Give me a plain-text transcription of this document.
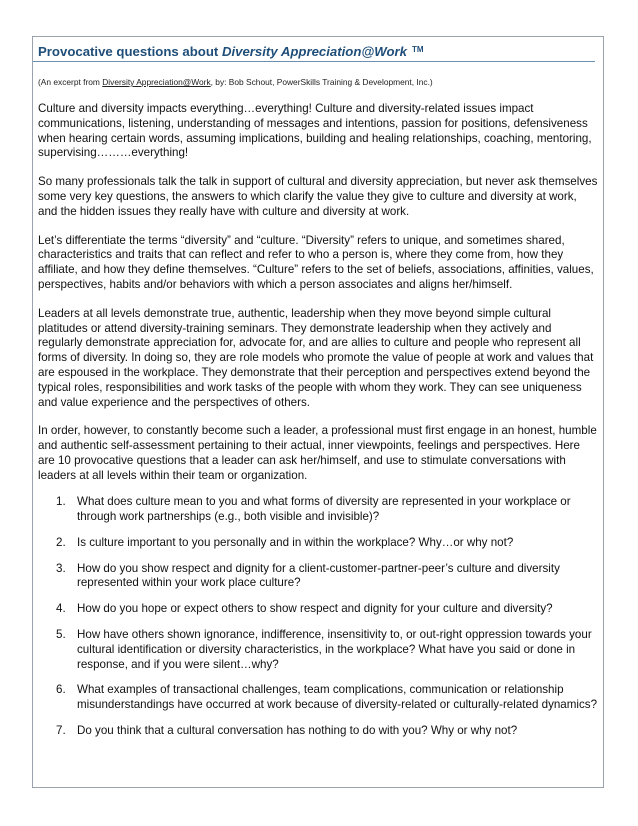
Provocative questions about Diversity Appreciation@Work ™
(An excerpt from Diversity Appreciation@Work, by: Bob Schout, PowerSkills Training & Development, Inc.)

Culture and diversity impacts everything…everything! Culture and diversity-related issues impact communications, listening, understanding of messages and intentions, passion for positions, defensiveness when hearing certain words, assuming implications, building and healing relationships, coaching, mentoring, supervising………everything!

So many professionals talk the talk in support of cultural and diversity appreciation, but never ask themselves some very key questions, the answers to which clarify the value they give to culture and diversity at work, and the hidden issues they really have with culture and diversity at work.

Let’s differentiate the terms “diversity” and “culture. “Diversity” refers to unique, and sometimes shared, characteristics and traits that can reflect and refer to who a person is, where they come from, how they affiliate, and how they define themselves. “Culture” refers to the set of beliefs, associations, affinities, values, perspectives, habits and/or behaviors with which a person associates and aligns her/himself.

Leaders at all levels demonstrate true, authentic, leadership when they move beyond simple cultural platitudes or attend diversity-training seminars. They demonstrate leadership when they actively and regularly demonstrate appreciation for, advocate for, and are allies to culture and people who represent all forms of diversity. In doing so, they are role models who promote the value of people at work and values that are espoused in the workplace. They demonstrate that their perception and perspectives extend beyond the typical roles, responsibilities and work tasks of the people with whom they work. They can see uniqueness and value experience and the perspectives of others.

In order, however, to constantly become such a leader, a professional must first engage in an honest, humble and authentic self-assessment pertaining to their actual, inner viewpoints, feelings and perspectives. Here are 10 provocative questions that a leader can ask her/himself, and use to stimulate conversations with leaders at all levels within their team or organization.

1. What does culture mean to you and what forms of diversity are represented in your workplace or through work partnerships (e.g., both visible and invisible)?
2. Is culture important to you personally and in within the workplace? Why…or why not?
3. How do you show respect and dignity for a client-customer-partner-peer’s culture and diversity represented within your work place culture?
4. How do you hope or expect others to show respect and dignity for your culture and diversity?
5. How have others shown ignorance, indifference, insensitivity to, or out-right oppression towards your cultural identification or diversity characteristics, in the workplace? What have you said or done in response, and if you were silent…why?
6. What examples of transactional challenges, team complications, communication or relationship misunderstandings have occurred at work because of diversity-related or culturally-related dynamics?
7. Do you think that a cultural conversation has nothing to do with you? Why or why not?
